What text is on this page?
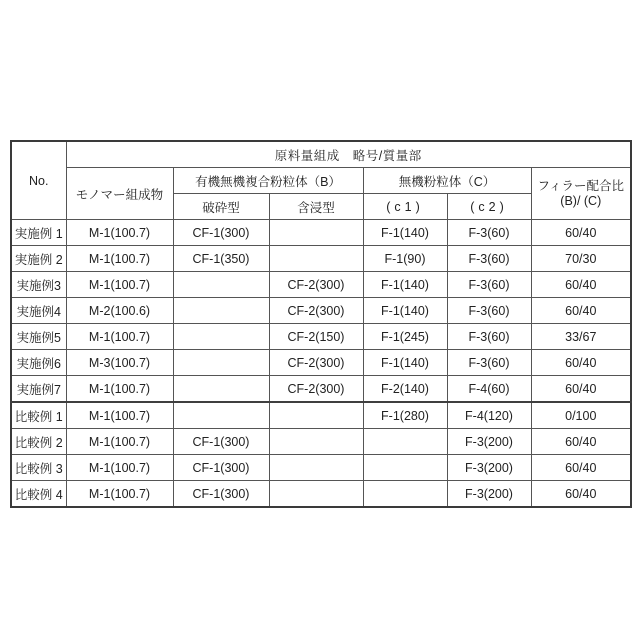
No.	原料量組成　略号/質量部					
	モノマー組成物	有機無機複合粉粒体（B）		無機粉粒体（C）		フィラー配合比
(B)/ (C)

		破砕型	含浸型	(c1)	(c2)	
実施例 1	M-1(100.7)	CF-1(300)		F-1(140)	F-3(60)	60/40
実施例 2	M-1(100.7)	CF-1(350)		F-1(90)	F-3(60)	70/30
実施例3	M-1(100.7)		CF-2(300)	F-1(140)	F-3(60)	60/40
実施例4	M-2(100.6)		CF-2(300)	F-1(140)	F-3(60)	60/40
実施例5	M-1(100.7)		CF-2(150)	F-1(245)	F-3(60)	33/67
実施例6	M-3(100.7)		CF-2(300)	F-1(140)	F-3(60)	60/40
実施例7	M-1(100.7)		CF-2(300)	F-2(140)	F-4(60)	60/40
比較例 1	M-1(100.7)			F-1(280)	F-4(120)	0/100
比較例 2	M-1(100.7)	CF-1(300)			F-3(200)	60/40
比較例 3	M-1(100.7)	CF-1(300)			F-3(200)	60/40
比較例 4	M-1(100.7)	CF-1(300)			F-3(200)	60/40
